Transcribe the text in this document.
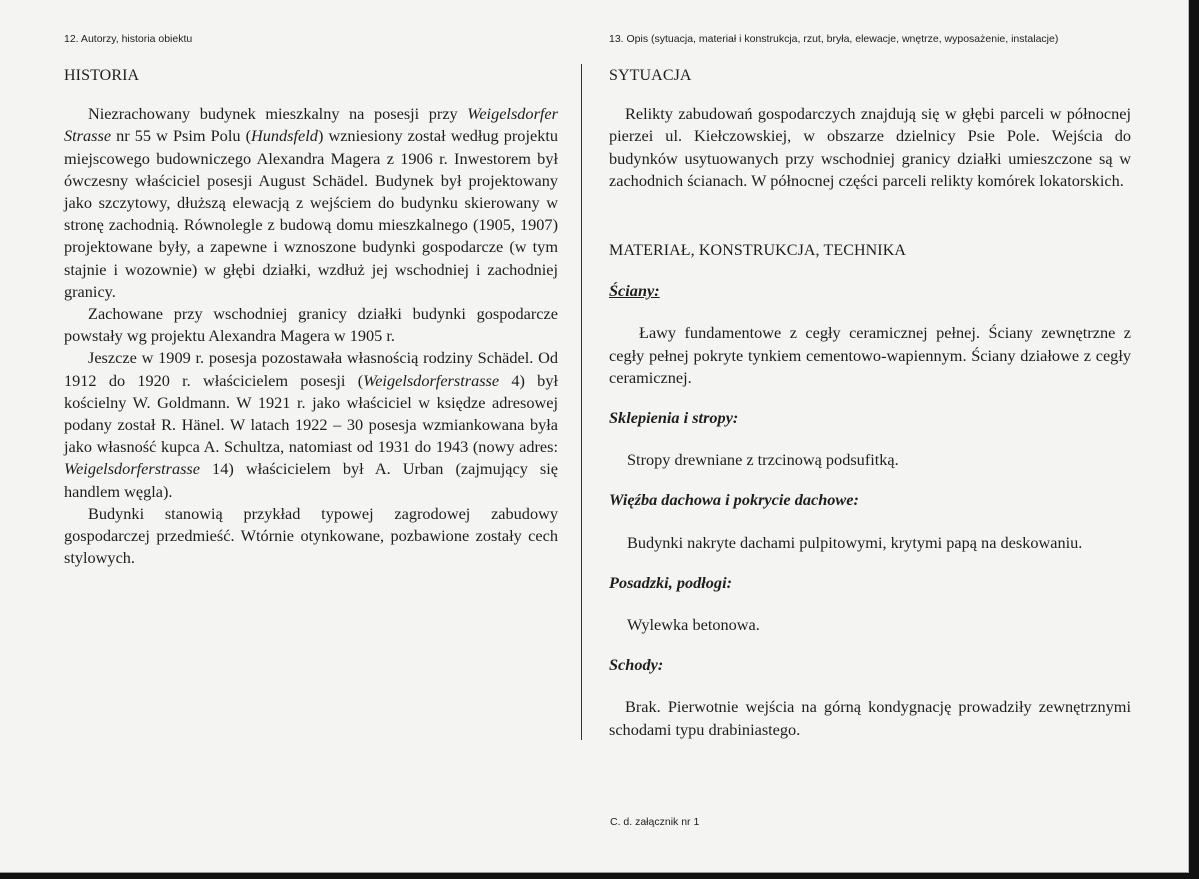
12. Autorzy, historia obiektu	13. Opis (sytuacja, materiał i konstrukcja, rzut, bryła, elewacje, wnętrze, wyposażenie, instalacje)

HISTORIA

Niezrachowany budynek mieszkalny na posesji przy Weigelsdorfer Strasse nr 55 w Psim Polu (Hundsfeld) wzniesiony został według projektu miejscowego budowniczego Alexandra Magera z 1906 r. Inwestorem był ówczesny właściciel posesji August Schädel. Budynek był projektowany jako szczytowy, dłuższą elewacją z wejściem do budynku skierowany w stronę zachodnią. Równolegle z budową domu mieszkalnego (1905, 1907) projektowane były, a zapewne i wznoszone budynki gospodarcze (w tym stajnie i wozownie) w głębi działki, wzdłuż jej wschodniej i zachodniej granicy.

Zachowane przy wschodniej granicy działki budynki gospodarcze powstały wg projektu Alexandra Magera w 1905 r.

Jeszcze w 1909 r. posesja pozostawała własnością rodziny Schädel. Od 1912 do 1920 r. właścicielem posesji (Weigelsdorferstrasse 4) był kościelny W. Goldmann. W 1921 r. jako właściciel w księdze adresowej podany został R. Hänel. W latach 1922 – 30 posesja wzmiankowana była jako własność kupca A. Schultza, natomiast od 1931 do 1943 (nowy adres: Weigelsdorferstrasse 14) właścicielem był A. Urban (zajmujący się handlem węgla).

Budynki stanowią przykład typowej zagrodowej zabudowy gospodarczej przedmieść. Wtórnie otynkowane, pozbawione zostały cech stylowych.

SYTUACJA

Relikty zabudowań gospodarczych znajdują się w głębi parceli w północnej pierzei ul. Kiełczowskiej, w obszarze dzielnicy Psie Pole. Wejścia do budynków usytuowanych przy wschodniej granicy działki umieszczone są w zachodnich ścianach. W północnej części parceli relikty komórek lokatorskich.

MATERIAŁ, KONSTRUKCJA, TECHNIKA

Ściany:

Ławy fundamentowe z cegły ceramicznej pełnej. Ściany zewnętrzne z cegły pełnej pokryte tynkiem cementowo-wapiennym. Ściany działowe z cegły ceramicznej.

Sklepienia i stropy:

Stropy drewniane z trzcinową podsufitką.

Więźba dachowa i pokrycie dachowe:

Budynki nakryte dachami pulpitowymi, krytymi papą na deskowaniu.

Posadzki, podłogi:

Wylewka betonowa.

Schody:

Brak. Pierwotnie wejścia na górną kondygnację prowadziły zewnętrznymi schodami typu drabiniastego.

C. d. załącznik nr 1
